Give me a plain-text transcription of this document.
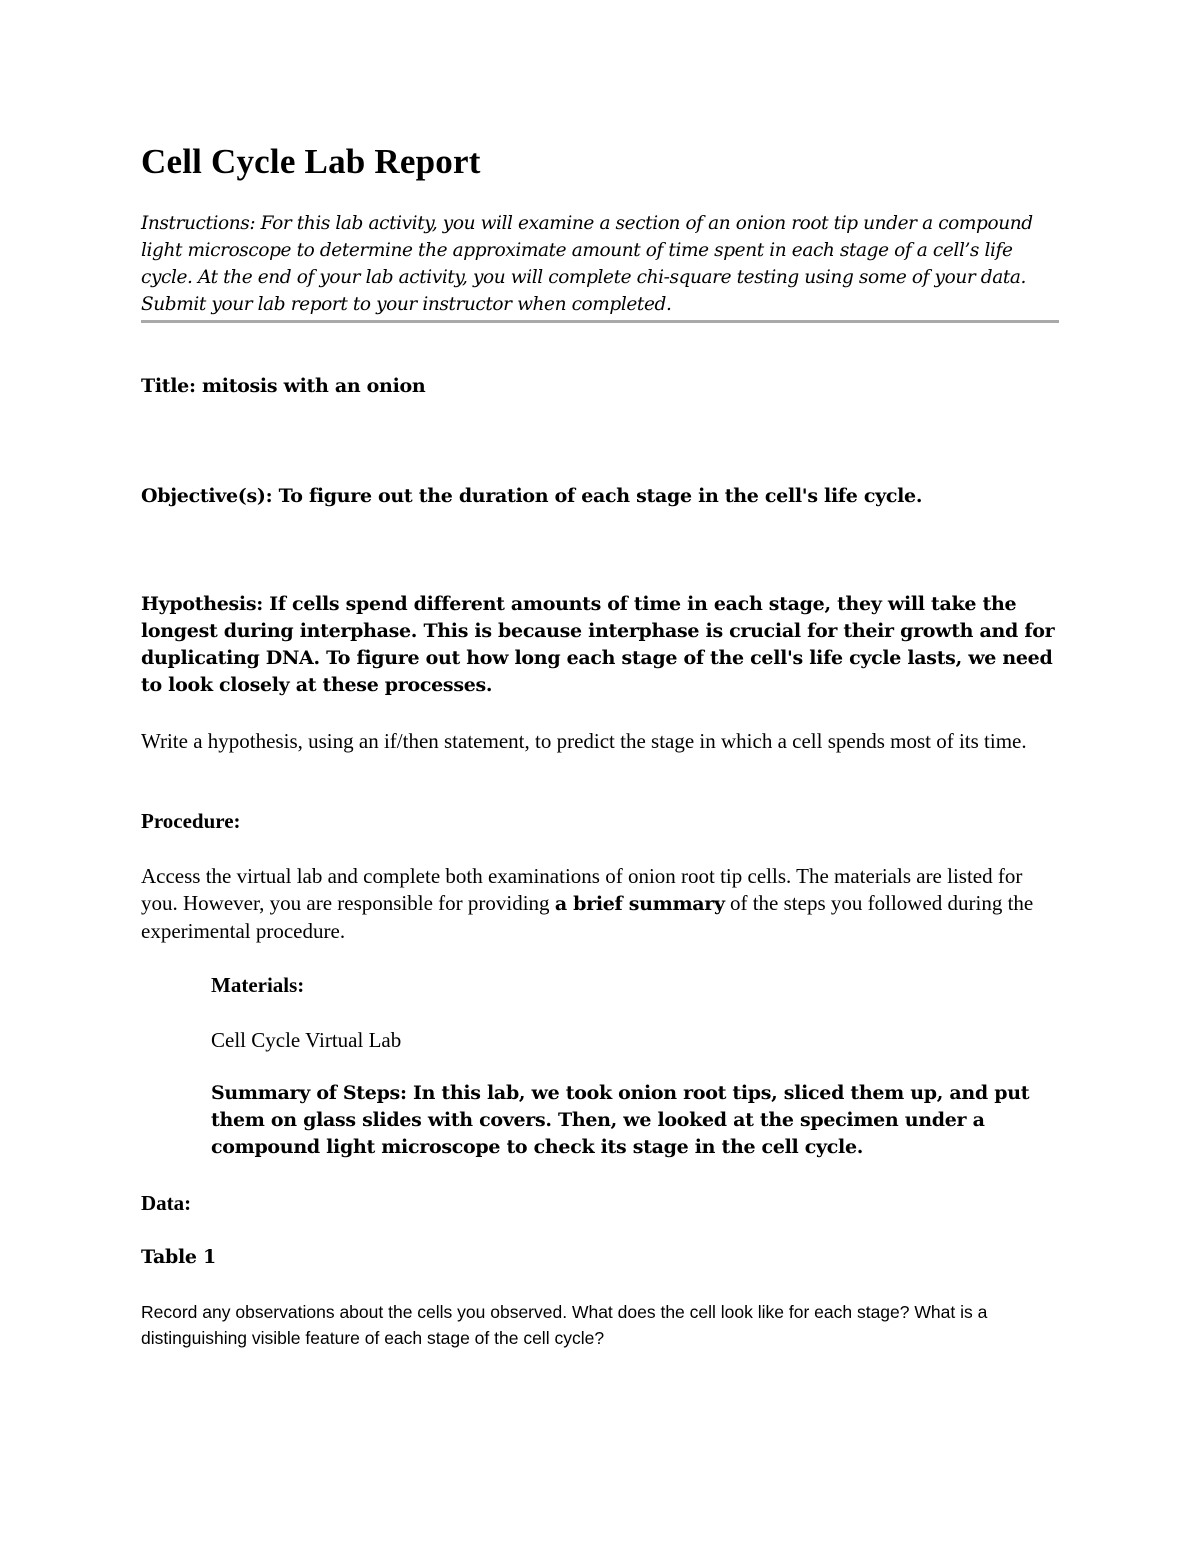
Cell Cycle Lab Report

Instructions: For this lab activity, you will examine a section of an onion root tip under a compound light microscope to determine the approximate amount of time spent in each stage of a cell’s life cycle. At the end of your lab activity, you will complete chi-square testing using some of your data. Submit your lab report to your instructor when completed.

Title: mitosis with an onion

Objective(s): To figure out the duration of each stage in the cell's life cycle.

Hypothesis: If cells spend different amounts of time in each stage, they will take the longest during interphase. This is because interphase is crucial for their growth and for duplicating DNA. To figure out how long each stage of the cell's life cycle lasts, we need to look closely at these processes.

Write a hypothesis, using an if/then statement, to predict the stage in which a cell spends most of its time.

Procedure:

Access the virtual lab and complete both examinations of onion root tip cells. The materials are listed for you. However, you are responsible for providing a brief summary of the steps you followed during the experimental procedure.

Materials:

Cell Cycle Virtual Lab

Summary of Steps: In this lab, we took onion root tips, sliced them up, and put them on glass slides with covers. Then, we looked at the specimen under a compound light microscope to check its stage in the cell cycle.

Data:

Table 1

Record any observations about the cells you observed. What does the cell look like for each stage? What is a distinguishing visible feature of each stage of the cell cycle?
